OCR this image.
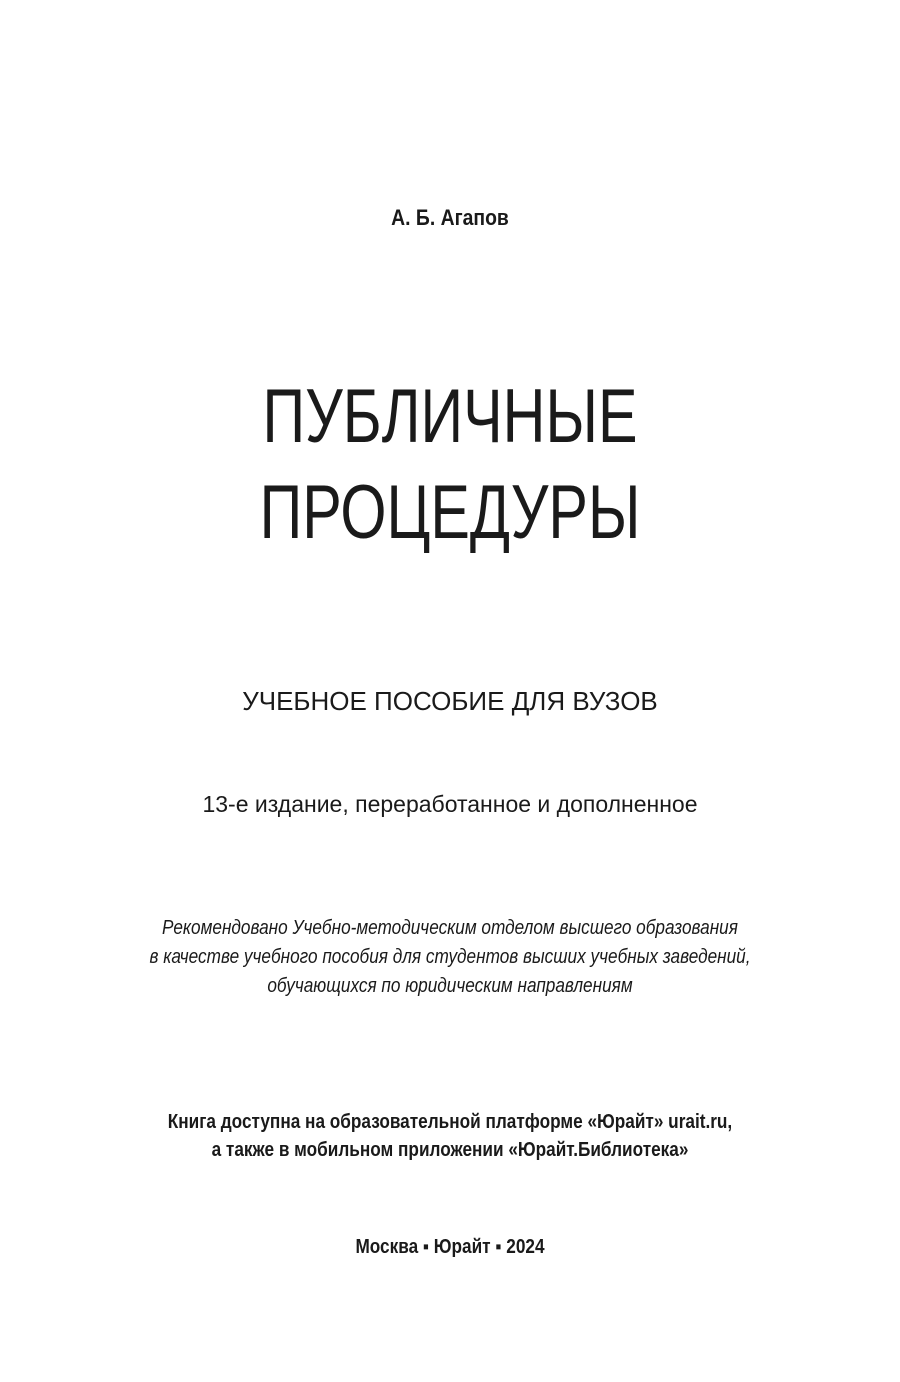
А. Б. Агапов
ПУБЛИЧНЫЕ
ПРОЦЕДУРЫ
УЧЕБНОЕ ПОСОБИЕ ДЛЯ ВУЗОВ
13-е издание, переработанное и дополненное
Рекомендовано Учебно-методическим отделом высшего образования
в качестве учебного пособия для студентов высших учебных заведений,
обучающихся по юридическим направлениям
Книга доступна на образовательной платформе «Юрайт» urait.ru,
а также в мобильном приложении «Юрайт.Библиотека»
Москва ▪ Юрайт ▪ 2024
